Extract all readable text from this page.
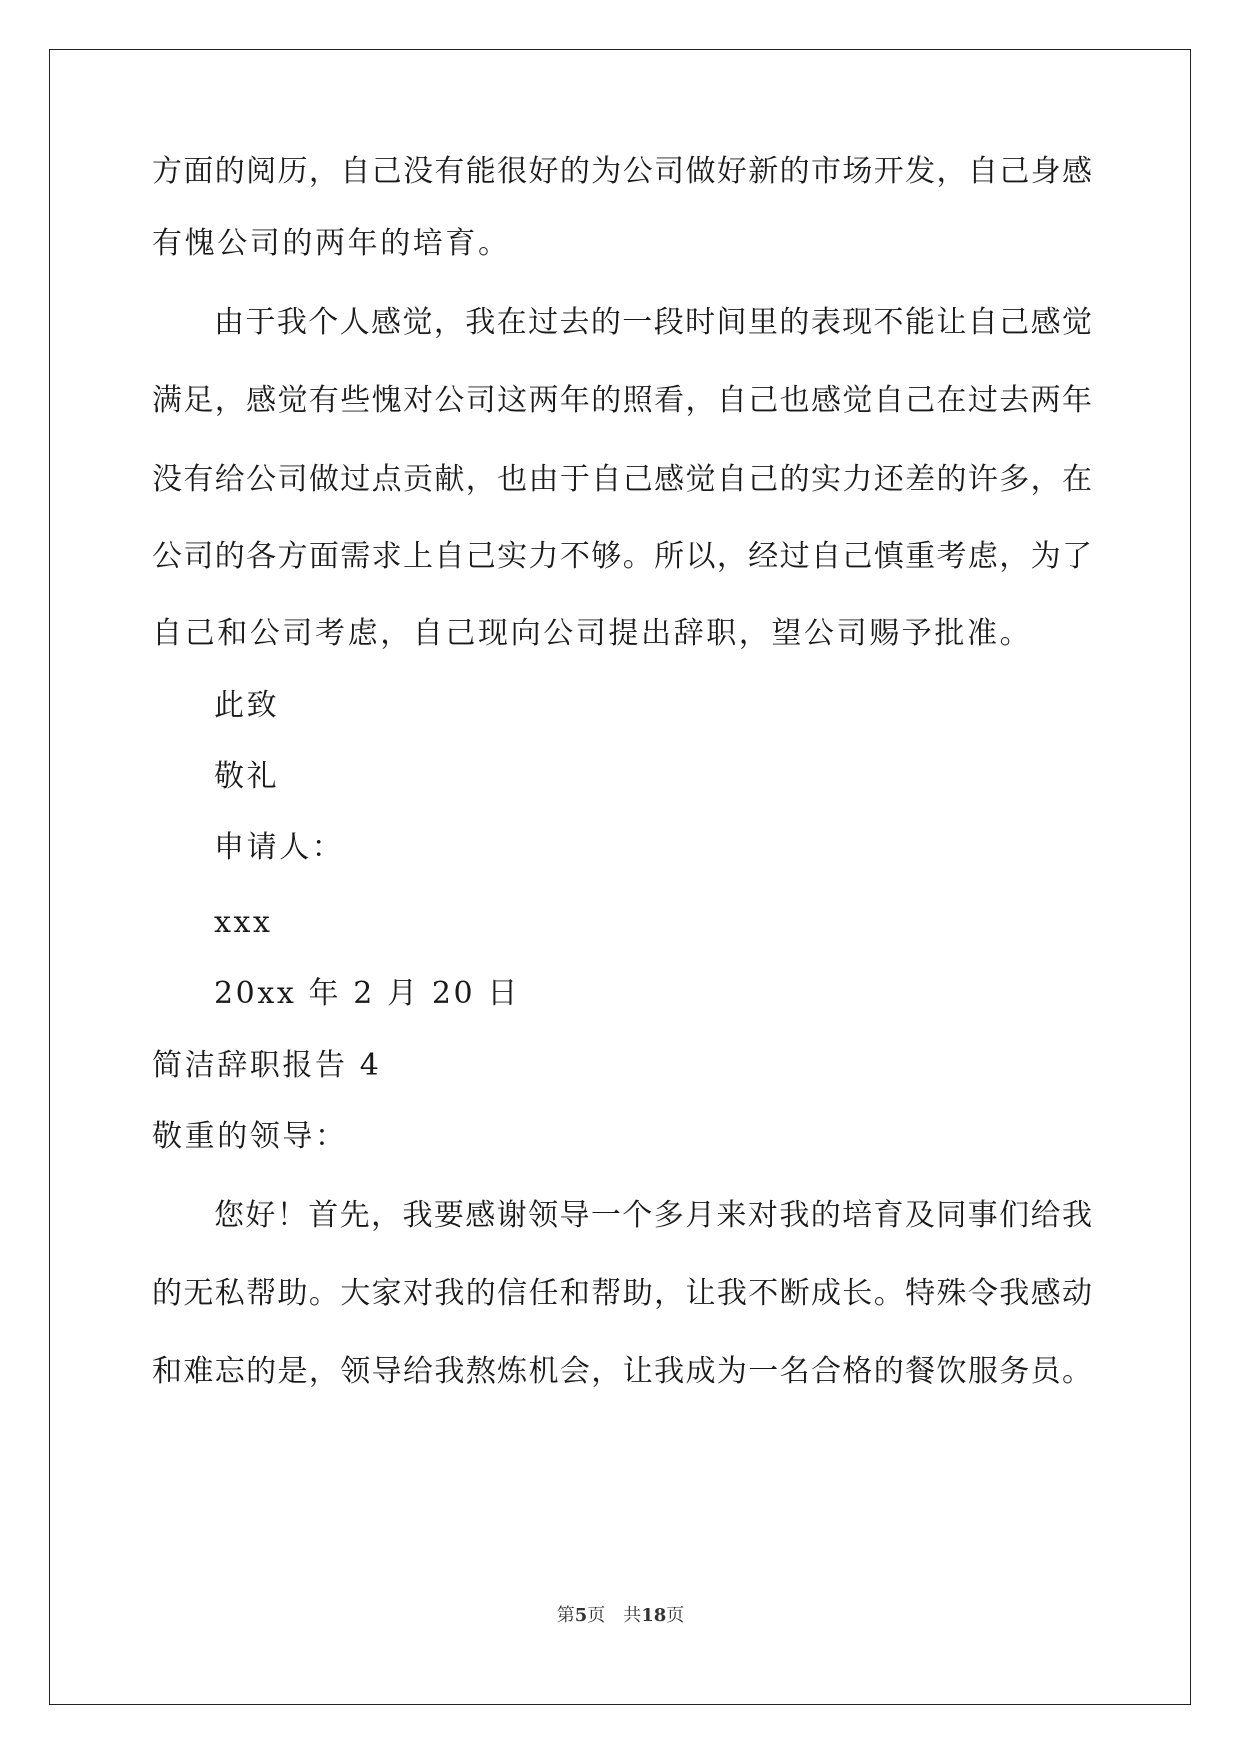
方面的阅历，自己没有能很好的为公司做好新的市场开发，自己身感
有愧公司的两年的培育。
由于我个人感觉，我在过去的一段时间里的表现不能让自己感觉
满足，感觉有些愧对公司这两年的照看，自己也感觉自己在过去两年
没有给公司做过点贡献，也由于自己感觉自己的实力还差的许多，在
公司的各方面需求上自己实力不够。所以，经过自己慎重考虑，为了
自己和公司考虑，自己现向公司提出辞职，望公司赐予批准。
此致
敬礼
申请人：
xxx
20xx 年 2 月 20 日
简洁辞职报告 4
敬重的领导：
您好！首先，我要感谢领导一个多月来对我的培育及同事们给我
的无私帮助。大家对我的信任和帮助，让我不断成长。特殊令我感动
和难忘的是，领导给我熬炼机会，让我成为一名合格的餐饮服务员。
第5页 共18页
